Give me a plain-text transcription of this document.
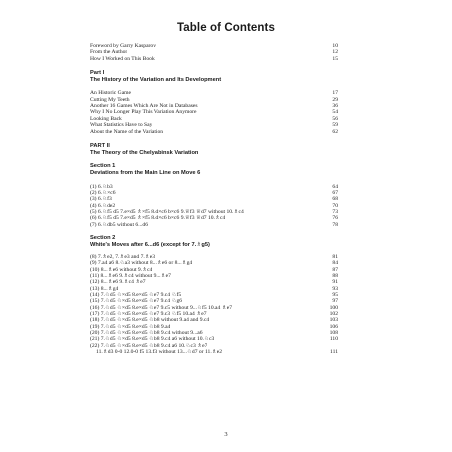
Table of Contents
Foreword by Garry Kasparov	10
From the Author	12
How I Worked on This Book	15
Part I
The History of the Variation and Its Development
An Historic Game	17
Cutting My Teeth	29
Another 16 Games Which Are Not in Databases	36
Why I No Longer Play This Variation Anymore	54
Looking Back	56
What Statistics Have to Say	59
About the Name of the Variation	62
PART II
The Theory of the Chelyabinsk Variation
Section 1
Deviations from the Main Line on Move 6
(1) 6.♘b3	64
(2) 6.♘×c6	67
(3) 6.♘f3	68
(4) 6.♘de2	70
(5) 6.♘f5 d5 7.e×d5 ♗×f5 8.d×c6 b×c6 9.♕f3 ♕d7 without 10.♗c4	73
(6) 6.♘f5 d5 7.e×d5 ♗×f5 8.d×c6 b×c6 9.♕f3 ♕d7 10.♗c4	76
(7) 6.♘db5 without 6...d6	78
Section 2
White's Moves after 6...d6 (except for 7.♗g5)
(8) 7.♗e2, 7.♗e3 and 7.♗e3	81
(9) 7.a4 a6 8.♘a3 without 8...♗e6 or 8...♗g4	84
(10) 8...♗e6 without 9.♗c4	87
(11) 8...♗e6 9.♗c4 without 9...♗e7	88
(12) 8...♗e6 9.♗c4 ♗e7	91
(13) 8...♗g4	93
(14) 7.♘d5 ♘×d5 8.e×d5 ♘e7 9.c4 ♘f5	95
(15) 7.♘d5 ♘×d5 8.e×d5 ♘e7 9.c4 ♘g6	97
(16) 7.♘d5 ♘×d5 8.e×d5 ♘e7 9.c5 without 9...♘f5 10.a4 ♗e7	100
(17) 7.♘d5 ♘×d5 8.e×d5 ♘e7 9.c3 ♘f5 10.a4 ♗e7	102
(18) 7.♘d5 ♘×d5 8.e×d5 ♘b8 without 9.a4 and 9.c4	103
(19) 7.♘d5 ♘×d5 8.e×d5 ♘b8 9.a4	106
(20) 7.♘d5 ♘×d5 8.e×d5 ♘b8 9.c4 without 9...a6	108
(21) 7.♘d5 ♘×d5 8.e×d5 ♘b8 9.c4 a6 without 10.♘c3	110
(22) 7.♘d5 ♘×d5 8.e×d5 ♘b8 9.c4 a6 10.♘c3 ♗e7
11.♗d3 0-0 12.0-0 f5 13.f3 without 13...♘d7 or 11.♗e2	111
3
